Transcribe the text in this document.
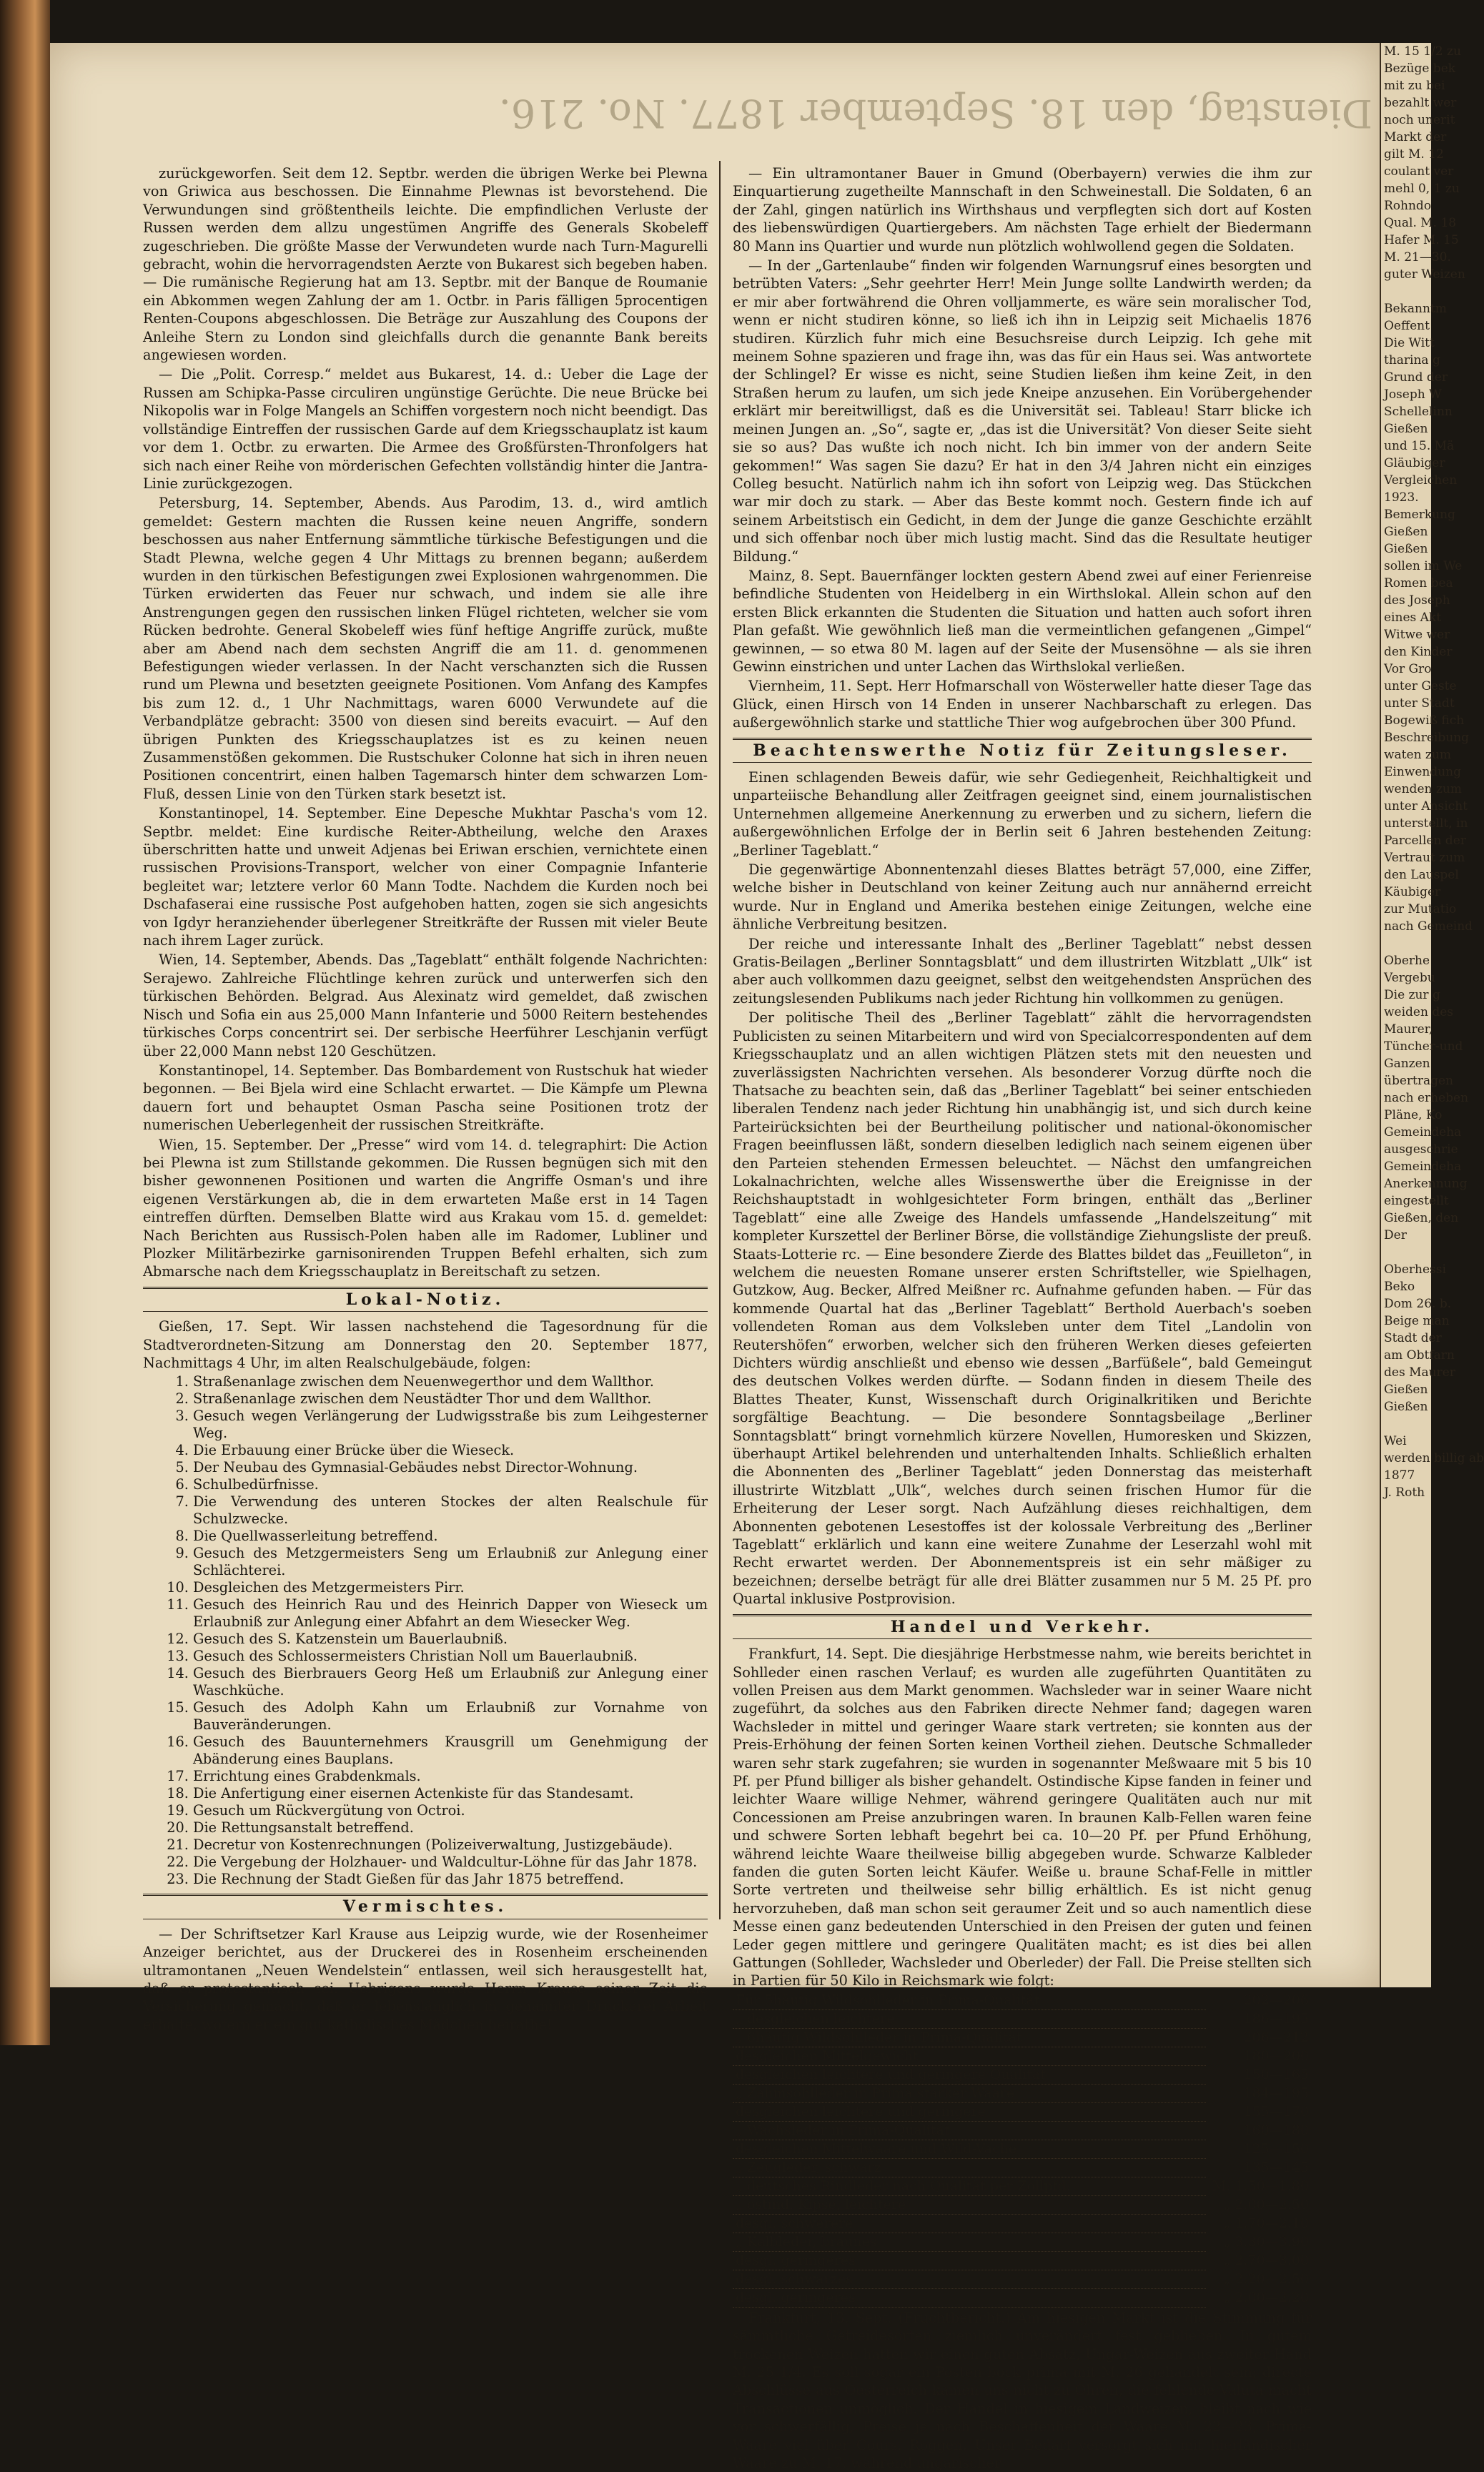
Dienstag, den 18. September 1877. No. 216.

zurückgeworfen. Seit dem 12. Septbr. werden die übrigen Werke bei Plewna von Griwica aus beschossen. Die Einnahme Plewnas ist bevorstehend. Die Verwundungen sind größtentheils leichte. Die empfindlichen Verluste der Russen werden dem allzu ungestümen Angriffe des Generals Skobeleff zugeschrieben. Die größte Masse der Verwundeten wurde nach Turn-Magurelli gebracht, wohin die hervorragendsten Aerzte von Bukarest sich begeben haben. — Die rumänische Regierung hat am 13. Septbr. mit der Banque de Roumanie ein Abkommen wegen Zahlung der am 1. Octbr. in Paris fälligen 5procentigen Renten-Coupons abgeschlossen. Die Beträge zur Auszahlung des Coupons der Anleihe Stern zu London sind gleichfalls durch die genannte Bank bereits angewiesen worden.

— Die „Polit. Corresp.“ meldet aus Bukarest, 14. d.: Ueber die Lage der Russen am Schipka-Passe circuliren ungünstige Gerüchte. Die neue Brücke bei Nikopolis war in Folge Mangels an Schiffen vorgestern noch nicht beendigt. Das vollständige Eintreffen der russischen Garde auf dem Kriegsschauplatz ist kaum vor dem 1. Octbr. zu erwarten. Die Armee des Großfürsten-Thronfolgers hat sich nach einer Reihe von mörderischen Gefechten vollständig hinter die Jantra-Linie zurückgezogen.

Petersburg, 14. September, Abends. Aus Parodim, 13. d., wird amtlich gemeldet: Gestern machten die Russen keine neuen Angriffe, sondern beschossen aus naher Entfernung sämmtliche türkische Befestigungen und die Stadt Plewna, welche gegen 4 Uhr Mittags zu brennen begann; außerdem wurden in den türkischen Befestigungen zwei Explosionen wahrgenommen. Die Türken erwiderten das Feuer nur schwach, und indem sie alle ihre Anstrengungen gegen den russischen linken Flügel richteten, welcher sie vom Rücken bedrohte. General Skobeleff wies fünf heftige Angriffe zurück, mußte aber am Abend nach dem sechsten Angriff die am 11. d. genommenen Befestigungen wieder verlassen. In der Nacht verschanzten sich die Russen rund um Plewna und besetzten geeignete Positionen. Vom Anfang des Kampfes bis zum 12. d., 1 Uhr Nachmittags, waren 6000 Verwundete auf die Verbandplätze gebracht: 3500 von diesen sind bereits evacuirt. — Auf den übrigen Punkten des Kriegsschauplatzes ist es zu keinen neuen Zusammenstößen gekommen. Die Rustschuker Colonne hat sich in ihren neuen Positionen concentrirt, einen halben Tagemarsch hinter dem schwarzen Lom-Fluß, dessen Linie von den Türken stark besetzt ist.

Konstantinopel, 14. September. Eine Depesche Mukhtar Pascha's vom 12. Septbr. meldet: Eine kurdische Reiter-Abtheilung, welche den Araxes überschritten hatte und unweit Adjenas bei Eriwan erschien, vernichtete einen russischen Provisions-Transport, welcher von einer Compagnie Infanterie begleitet war; letztere verlor 60 Mann Todte. Nachdem die Kurden noch bei Dschafaserai eine russische Post aufgehoben hatten, zogen sie sich angesichts von Igdyr heranziehender überlegener Streitkräfte der Russen mit vieler Beute nach ihrem Lager zurück.

Wien, 14. September, Abends. Das „Tageblatt“ enthält folgende Nachrichten: Serajewo. Zahlreiche Flüchtlinge kehren zurück und unterwerfen sich den türkischen Behörden. Belgrad. Aus Alexinatz wird gemeldet, daß zwischen Nisch und Sofia ein aus 25,000 Mann Infanterie und 5000 Reitern bestehendes türkisches Corps concentrirt sei. Der serbische Heerführer Leschjanin verfügt über 22,000 Mann nebst 120 Geschützen.

Konstantinopel, 14. September. Das Bombardement von Rustschuk hat wieder begonnen. — Bei Bjela wird eine Schlacht erwartet. — Die Kämpfe um Plewna dauern fort und behauptet Osman Pascha seine Positionen trotz der numerischen Ueberlegenheit der russischen Streitkräfte.

Wien, 15. September. Der „Presse“ wird vom 14. d. telegraphirt: Die Action bei Plewna ist zum Stillstande gekommen. Die Russen begnügen sich mit den bisher gewonnenen Positionen und warten die Angriffe Osman's und ihre eigenen Verstärkungen ab, die in dem erwarteten Maße erst in 14 Tagen eintreffen dürften. Demselben Blatte wird aus Krakau vom 15. d. gemeldet: Nach Berichten aus Russisch-Polen haben alle im Radomer, Lubliner und Plozker Militärbezirke garnisonirenden Truppen Befehl erhalten, sich zum Abmarsche nach dem Kriegsschauplatz in Bereitschaft zu setzen.

Lokal-Notiz.

Gießen, 17. Sept. Wir lassen nachstehend die Tagesordnung für die Stadtverordneten-Sitzung am Donnerstag den 20. September 1877, Nachmittags 4 Uhr, im alten Realschulgebäude, folgen:

1. Straßenanlage zwischen dem Neuenwegerthor und dem Wallthor.
2. Straßenanlage zwischen dem Neustädter Thor und dem Wallthor.
3. Gesuch wegen Verlängerung der Ludwigsstraße bis zum Leihgesterner Weg.
4. Die Erbauung einer Brücke über die Wieseck.
5. Der Neubau des Gymnasial-Gebäudes nebst Director-Wohnung.
6. Schulbedürfnisse.
7. Die Verwendung des unteren Stockes der alten Realschule für Schulzwecke.
8. Die Quellwasserleitung betreffend.
9. Gesuch des Metzgermeisters Seng um Erlaubniß zur Anlegung einer Schlächterei.
10. Desgleichen des Metzgermeisters Pirr.
11. Gesuch des Heinrich Rau und des Heinrich Dapper von Wieseck um Erlaubniß zur Anlegung einer Abfahrt an dem Wiesecker Weg.
12. Gesuch des S. Katzenstein um Bauerlaubniß.
13. Gesuch des Schlossermeisters Christian Noll um Bauerlaubniß.
14. Gesuch des Bierbrauers Georg Heß um Erlaubniß zur Anlegung einer Waschküche.
15. Gesuch des Adolph Kahn um Erlaubniß zur Vornahme von Bauveränderungen.
16. Gesuch des Bauunternehmers Krausgrill um Genehmigung der Abänderung eines Bauplans.
17. Errichtung eines Grabdenkmals.
18. Die Anfertigung einer eisernen Actenkiste für das Standesamt.
19. Gesuch um Rückvergütung von Octroi.
20. Die Rettungsanstalt betreffend.
21. Decretur von Kostenrechnungen (Polizeiverwaltung, Justizgebäude).
22. Die Vergebung der Holzhauer- und Waldcultur-Löhne für das Jahr 1878.
23. Die Rechnung der Stadt Gießen für das Jahr 1875 betreffend.
Vermischtes.

— Der Schriftsetzer Karl Krause aus Leipzig wurde, wie der Rosenheimer Anzeiger berichtet, aus der Druckerei des in Rosenheim erscheinenden ultramontanen „Neuen Wendelstein“ entlassen, weil sich herausgestellt hat, daß er protestantisch sei. Uebrigens wurde Herrn Krause seiner Zeit die Versicherung gemacht, daß er lebenslänglich in genannter Druckerei Arbeit erhalte, wofern er ein gut katholisches Mädchen heirathe!

— Ein ultramontaner Bauer in Gmund (Oberbayern) verwies die ihm zur Einquartierung zugetheilte Mannschaft in den Schweinestall. Die Soldaten, 6 an der Zahl, gingen natürlich ins Wirthshaus und verpflegten sich dort auf Kosten des liebenswürdigen Quartiergebers. Am nächsten Tage erhielt der Biedermann 80 Mann ins Quartier und wurde nun plötzlich wohlwollend gegen die Soldaten.

— In der „Gartenlaube“ finden wir folgenden Warnungsruf eines besorgten und betrübten Vaters: „Sehr geehrter Herr! Mein Junge sollte Landwirth werden; da er mir aber fortwährend die Ohren volljammerte, es wäre sein moralischer Tod, wenn er nicht studiren könne, so ließ ich ihn in Leipzig seit Michaelis 1876 studiren. Kürzlich fuhr mich eine Besuchsreise durch Leipzig. Ich gehe mit meinem Sohne spazieren und frage ihn, was das für ein Haus sei. Was antwortete der Schlingel? Er wisse es nicht, seine Studien ließen ihm keine Zeit, in den Straßen herum zu laufen, um sich jede Kneipe anzusehen. Ein Vorübergehender erklärt mir bereitwilligst, daß es die Universität sei. Tableau! Starr blicke ich meinen Jungen an. „So“, sagte er, „das ist die Universität? Von dieser Seite sieht sie so aus? Das wußte ich noch nicht. Ich bin immer von der andern Seite gekommen!“ Was sagen Sie dazu? Er hat in den 3/4 Jahren nicht ein einziges Colleg besucht. Natürlich nahm ich ihn sofort von Leipzig weg. Das Stückchen war mir doch zu stark. — Aber das Beste kommt noch. Gestern finde ich auf seinem Arbeitstisch ein Gedicht, in dem der Junge die ganze Geschichte erzählt und sich offenbar noch über mich lustig macht. Sind das die Resultate heutiger Bildung.“

Mainz, 8. Sept. Bauernfänger lockten gestern Abend zwei auf einer Ferienreise befindliche Studenten von Heidelberg in ein Wirthslokal. Allein schon auf den ersten Blick erkannten die Studenten die Situation und hatten auch sofort ihren Plan gefaßt. Wie gewöhnlich ließ man die vermeintlichen gefangenen „Gimpel“ gewinnen, — so etwa 80 M. lagen auf der Seite der Musensöhne — als sie ihren Gewinn einstrichen und unter Lachen das Wirthslokal verließen.

Viernheim, 11. Sept. Herr Hofmarschall von Wösterweller hatte dieser Tage das Glück, einen Hirsch von 14 Enden in unserer Nachbarschaft zu erlegen. Das außergewöhnlich starke und stattliche Thier wog aufgebrochen über 300 Pfund.

Beachtenswerthe Notiz für Zeitungsleser.

Einen schlagenden Beweis dafür, wie sehr Gediegenheit, Reichhaltigkeit und unparteiische Behandlung aller Zeitfragen geeignet sind, einem journalistischen Unternehmen allgemeine Anerkennung zu erwerben und zu sichern, liefern die außergewöhnlichen Erfolge der in Berlin seit 6 Jahren bestehenden Zeitung: „Berliner Tageblatt.“

Die gegenwärtige Abonnentenzahl dieses Blattes beträgt 57,000, eine Ziffer, welche bisher in Deutschland von keiner Zeitung auch nur annähernd erreicht wurde. Nur in England und Amerika bestehen einige Zeitungen, welche eine ähnliche Verbreitung besitzen.

Der reiche und interessante Inhalt des „Berliner Tageblatt“ nebst dessen Gratis-Beilagen „Berliner Sonntagsblatt“ und dem illustrirten Witzblatt „Ulk“ ist aber auch vollkommen dazu geeignet, selbst den weitgehendsten Ansprüchen des zeitungslesenden Publikums nach jeder Richtung hin vollkommen zu genügen.

Der politische Theil des „Berliner Tageblatt“ zählt die hervorragendsten Publicisten zu seinen Mitarbeitern und wird von Specialcorrespondenten auf dem Kriegsschauplatz und an allen wichtigen Plätzen stets mit den neuesten und zuverlässigsten Nachrichten versehen. Als besonderer Vorzug dürfte noch die Thatsache zu beachten sein, daß das „Berliner Tageblatt“ bei seiner entschieden liberalen Tendenz nach jeder Richtung hin unabhängig ist, und sich durch keine Parteirücksichten bei der Beurtheilung politischer und national-ökonomischer Fragen beeinflussen läßt, sondern dieselben lediglich nach seinem eigenen über den Parteien stehenden Ermessen beleuchtet. — Nächst den umfangreichen Lokalnachrichten, welche alles Wissenswerthe über die Ereignisse in der Reichshauptstadt in wohlgesichteter Form bringen, enthält das „Berliner Tageblatt“ eine alle Zweige des Handels umfassende „Handelszeitung“ mit kompleter Kurszettel der Berliner Börse, die vollständige Ziehungsliste der preuß. Staats-Lotterie rc. — Eine besondere Zierde des Blattes bildet das „Feuilleton“, in welchem die neuesten Romane unserer ersten Schriftsteller, wie Spielhagen, Gutzkow, Aug. Becker, Alfred Meißner rc. Aufnahme gefunden haben. — Für das kommende Quartal hat das „Berliner Tageblatt“ Berthold Auerbach's soeben vollendeten Roman aus dem Volksleben unter dem Titel „Landolin von Reutershöfen“ erworben, welcher sich den früheren Werken dieses gefeierten Dichters würdig anschließt und ebenso wie dessen „Barfüßele“, bald Gemeingut des deutschen Volkes werden dürfte. — Sodann finden in diesem Theile des Blattes Theater, Kunst, Wissenschaft durch Originalkritiken und Berichte sorgfältige Beachtung. — Die besondere Sonntagsbeilage „Berliner Sonntagsblatt“ bringt vornehmlich kürzere Novellen, Humoresken und Skizzen, überhaupt Artikel belehrenden und unterhaltenden Inhalts. Schließlich erhalten die Abonnenten des „Berliner Tageblatt“ jeden Donnerstag das meisterhaft illustrirte Witzblatt „Ulk“, welches durch seinen frischen Humor für die Erheiterung der Leser sorgt. Nach Aufzählung dieses reichhaltigen, dem Abonnenten gebotenen Lesestoffes ist der kolossale Verbreitung des „Berliner Tageblatt“ erklärlich und kann eine weitere Zunahme der Leserzahl wohl mit Recht erwartet werden. Der Abonnementspreis ist ein sehr mäßiger zu bezeichnen; derselbe beträgt für alle drei Blätter zusammen nur 5 M. 25 Pf. pro Quartal inklusive Postprovision.

Handel und Verkehr.

Frankfurt, 14. Sept. Die diesjährige Herbstmesse nahm, wie bereits berichtet in Sohlleder einen raschen Verlauf; es wurden alle zugeführten Quantitäten zu vollen Preisen aus dem Markt genommen. Wachsleder war in seiner Waare nicht zugeführt, da solches aus den Fabriken directe Nehmer fand; dagegen waren Wachsleder in mittel und geringer Waare stark vertreten; sie konnten aus der Preis-Erhöhung der feinen Sorten keinen Vortheil ziehen. Deutsche Schmalleder waren sehr stark zugefahren; sie wurden in sogenannter Meßwaare mit 5 bis 10 Pf. per Pfund billiger als bisher gehandelt. Ostindische Kipse fanden in feiner und leichter Waare willige Nehmer, während geringere Qualitäten auch nur mit Concessionen am Preise anzubringen waren. In braunen Kalb-Fellen waren feine und schwere Sorten lebhaft begehrt bei ca. 10—20 Pf. per Pfund Erhöhung, während leichte Waare theilweise billig abgegeben wurde. Schwarze Kalbleder fanden die guten Sorten leicht Käufer. Weiße u. braune Schaf-Felle in mittler Sorte vertreten und theilweise sehr billig erhältlich. Es ist nicht genug hervorzuheben, daß man schon seit geraumer Zeit und so auch namentlich diese Messe einen ganz bedeutenden Unterschied in den Preisen der guten und feinen Leder gegen mittlere und geringere Qualitäten macht; es ist dies bei allen Gattungen (Sohlleder, Wachsleder und Oberleder) der Fall. Die Preise stellten sich in Partien für 50 Kilo in Reichsmark wie folgt:

Für 5häutig Wildsohlleder in Prima-Qualität	202—206
„ desgleichen leichtere	186—195
„ 6häutig Wildsohlleder in Prima-Qualität	206—212
desgleichen Mittelgewicht	180—200
desgleichen leichtere und geringere Qualität	150—165
„ Zahmsohlleder in Prima starker Waare	184—195
desgleichen leichtere und geringere	155—170
„ Wachsleder in Prima-Qualität	160—180
desgleichen Mittelwaare und Wild-Vache	125—150
„ Zeugleder, schwarz	135—145
„ deutsches Rindleder nach Qualität per Zollpfd.	M. 1.50—1.80
„ ostind. Kipse, leichtere	„ 2.00—2.50
desgl. schwerere	„ 1.70—2.10
„ Kalbleder, braunes	„ 3.30—3.90
desgl. geringeres	„ 2.70—3.00
desgl. schwarzes	„ 2.20—2.50
desgl. geringeres	„ 2.00—2.20

Frankfurt, 13. Sept. (Fruchtbericht.) Am hiesigen Markt ist die Stimmung für sämmtliche Getreidesorten ziemlich unverändert fest geblieben. In gutem trockenen Weizen hatten wir einen guten Absatz, Ungar-Weizen aus zweiter Hand M. 25 1/4. Es soll sogar ein Posten bock prima mit M. 26 gehandelt sein; directe Abschlüsse aus Oesterreich kamen uns nicht zu Ohren, die fehlende Valuta macht Transactionen unmöglich. Der Handel in hiesigem Landweizen, bleibt nach wie vor schwerfällig, Preise je nach Beschaffenheit der Waare M. 22—23, Prima-Waare viel über Cours. Roggen. Unser Bedarf versorgt sich mit hierländischer Waare zu M. 17, während ungarischer

M. 15 1/2 zu
Bezüge bek
mit zu bei
bezahlt wer
noch unerit
Markt der
gilt M. 12
coulant ver
mehl 0, 1 zu
Rohndo
Qual. M. 18
Hafer M. 15
M. 21—30.
guter Weizen

Bekanntm
Oeffent
Die Witt
tharina g
Grund der
Joseph W
Schellelinn
Gießen
und 15. Mä
Gläubiger
Vergleichen
1923.
Bemerkung
Gießen
Gießen
sollen im We
Romen bea
des Joseph
eines Akt
Witwe wer
den Kinder
Vor Gro
unter Geste
unter Stadt
Bogewiß fich
Beschreibung
waten zum
Einwendung
wenden zum
unter Ansicht
unterstellt, in
Parcellen der
Vertraut zum
den Lauspel
Käubiger
zur Mutatio
nach Gemeind

Oberhe
Vergebu
Die zur g
weiden des
Maurer,
Tüncher-und
Ganzen
übertragen
nach erheben
Pläne, Ko
Gemeindeha
ausgeschrie
Gemeindeha
Anerkennung
eingestellt
Gießen, den
Der

Oberhessi
Beko
Dom 26. b.
Beige man
Stadt der
am Obtfarn
des Maurer
Gießen
Gießen

Wei
werden billig ab
1877
J. Roth
